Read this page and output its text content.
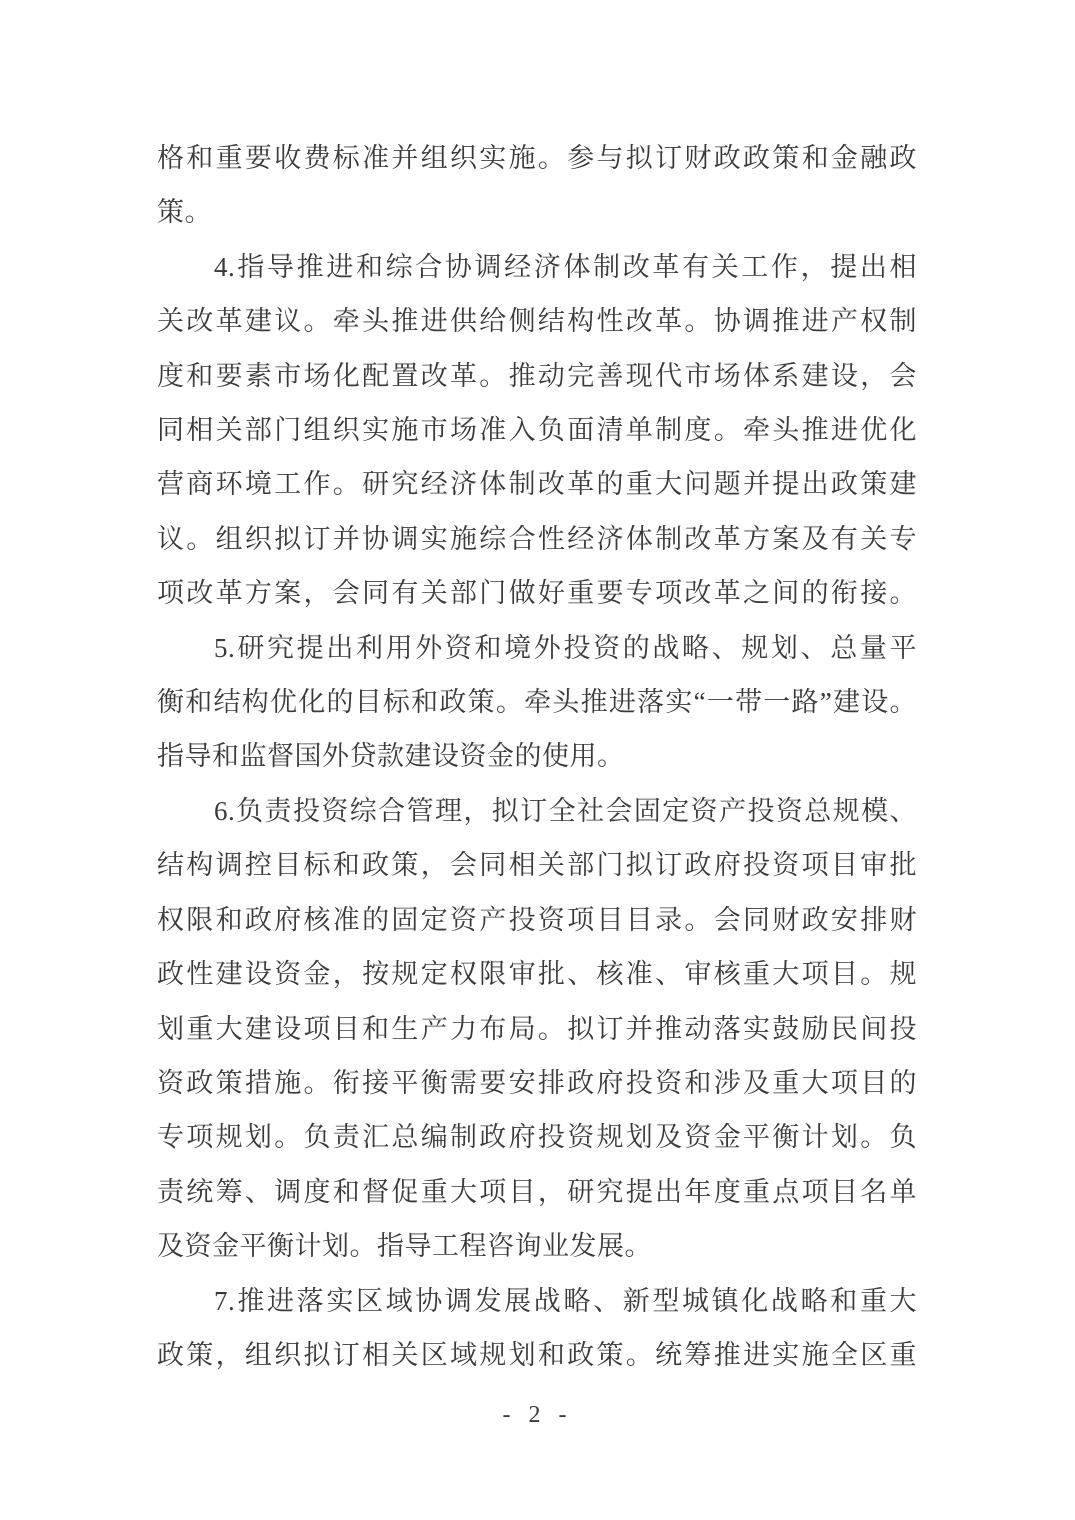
格和重要收费标准并组织实施。参与拟订财政政策和金融政
策。
4.指导推进和综合协调经济体制改革有关工作，提出相
关改革建议。牵头推进供给侧结构性改革。协调推进产权制
度和要素市场化配置改革。推动完善现代市场体系建设，会
同相关部门组织实施市场准入负面清单制度。牵头推进优化
营商环境工作。研究经济体制改革的重大问题并提出政策建
议。组织拟订并协调实施综合性经济体制改革方案及有关专
项改革方案，会同有关部门做好重要专项改革之间的衔接。
5.研究提出利用外资和境外投资的战略、规划、总量平
衡和结构优化的目标和政策。牵头推进落实“一带一路”建设。
指导和监督国外贷款建设资金的使用。
6.负责投资综合管理，拟订全社会固定资产投资总规模、
结构调控目标和政策，会同相关部门拟订政府投资项目审批
权限和政府核准的固定资产投资项目目录。会同财政安排财
政性建设资金，按规定权限审批、核准、审核重大项目。规
划重大建设项目和生产力布局。拟订并推动落实鼓励民间投
资政策措施。衔接平衡需要安排政府投资和涉及重大项目的
专项规划。负责汇总编制政府投资规划及资金平衡计划。负
责统筹、调度和督促重大项目，研究提出年度重点项目名单
及资金平衡计划。指导工程咨询业发展。
7.推进落实区域协调发展战略、新型城镇化战略和重大
政策，组织拟订相关区域规划和政策。统筹推进实施全区重
- 2 -
